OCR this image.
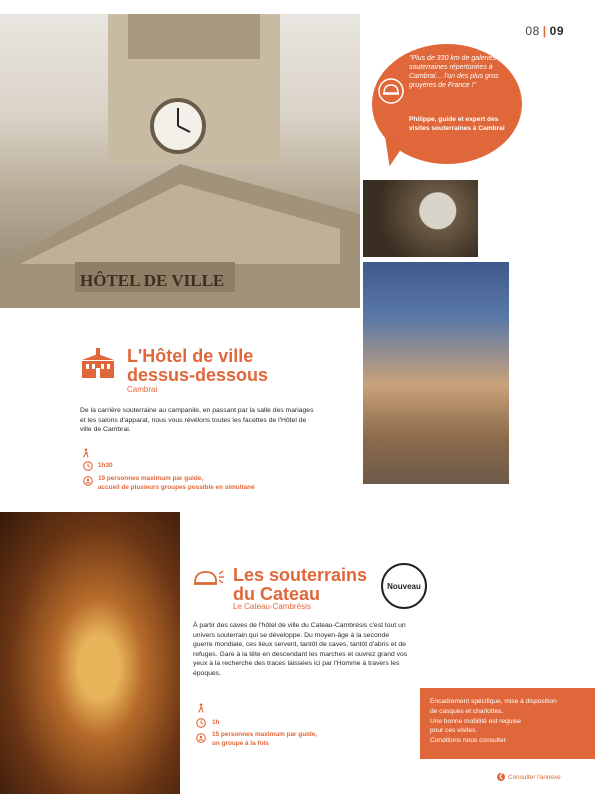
HÔTEL DE VILLE
08 | 09

"Plus de 330 km de galeries souterraines répertoriées à Cambrai… l'un des plus gros gruyères de France !"

Philippe, guide et expert des visites souterraines à Cambrai

L'Hôtel de ville
dessus-dessous
Cambrai

De la carrière souterraine au campanile, en passant par la salle des mariages et les salons d'apparat, nous vous révélons toutes les facettes de l'Hôtel de ville de Cambrai.

1h30
19 personnes maximum par guide,
accueil de plusieurs groupes possible en simultané
Les souterrains
du Cateau
Le Cateau-Cambrésis
Nouveau

À partir des caves de l'hôtel de ville du Cateau-Cambrésis c'est tout un univers souterrain qui se développe. Du moyen-âge à la seconde guerre mondiale, ces lieux servent, tantôt de caves, tantôt d'abris et de refuges. Gare à la tête en descendant les marches et ouvrez grand vos yeux à la recherche des traces laissées ici par l'Homme à travers les époques.

1h
15 personnes maximum par guide,
un groupe à la fois
Encadrement spécifique, mise à disposition
de casques et charlottes.
Une bonne mobilité est requise
pour ces visites.
Conditions nous consulter.
❮ Consulter l'annexe
